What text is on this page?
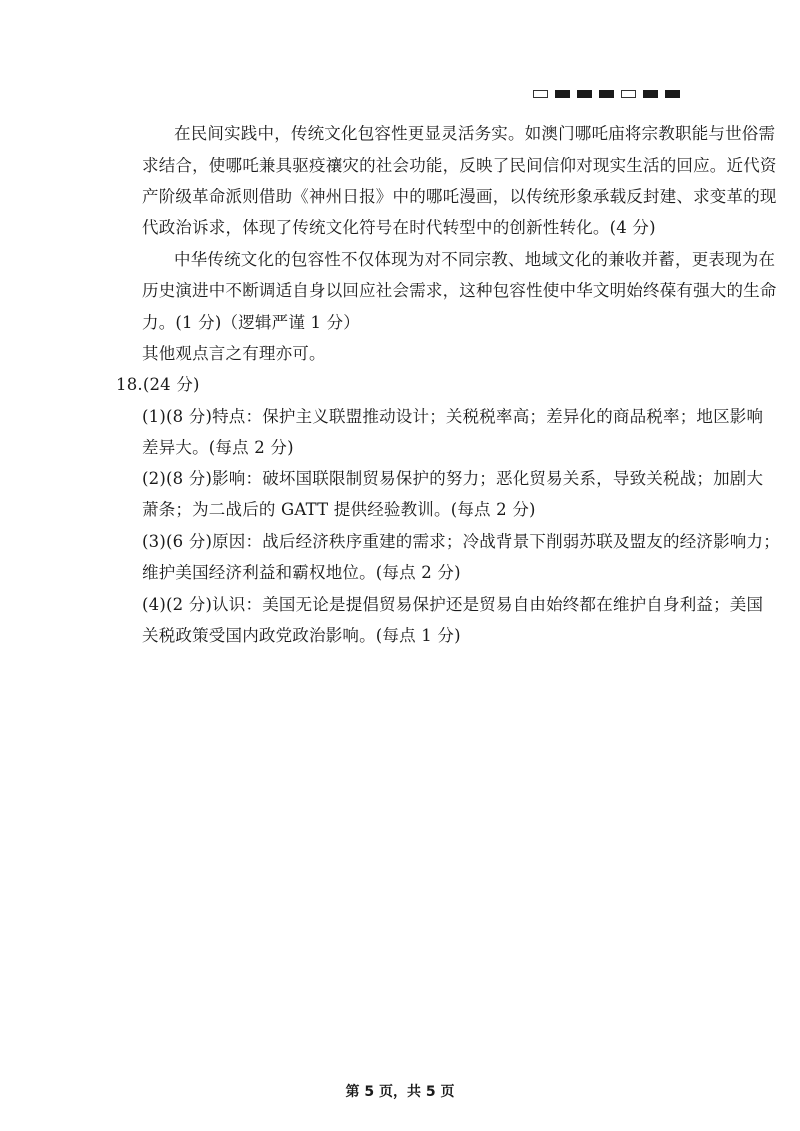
在民间实践中，传统文化包容性更显灵活务实。如澳门哪吒庙将宗教职能与世俗需
求结合，使哪吒兼具驱疫禳灾的社会功能，反映了民间信仰对现实生活的回应。近代资
产阶级革命派则借助《神州日报》中的哪吒漫画，以传统形象承载反封建、求变革的现
代政治诉求，体现了传统文化符号在时代转型中的创新性转化。(4 分)
中华传统文化的包容性不仅体现为对不同宗教、地域文化的兼收并蓄，更表现为在
历史演进中不断调适自身以回应社会需求，这种包容性使中华文明始终葆有强大的生命
力。(1 分)（逻辑严谨 1 分）
其他观点言之有理亦可。
18.(24 分)
(1)(8 分)特点：保护主义联盟推动设计；关税税率高；差异化的商品税率；地区影响
差异大。(每点 2 分)
(2)(8 分)影响：破坏国联限制贸易保护的努力；恶化贸易关系，导致关税战；加剧大
萧条；为二战后的 GATT 提供经验教训。(每点 2 分)
(3)(6 分)原因：战后经济秩序重建的需求；冷战背景下削弱苏联及盟友的经济影响力；
维护美国经济利益和霸权地位。(每点 2 分)
(4)(2 分)认识：美国无论是提倡贸易保护还是贸易自由始终都在维护自身利益；美国
关税政策受国内政党政治影响。(每点 1 分)
第 5 页，共 5 页
